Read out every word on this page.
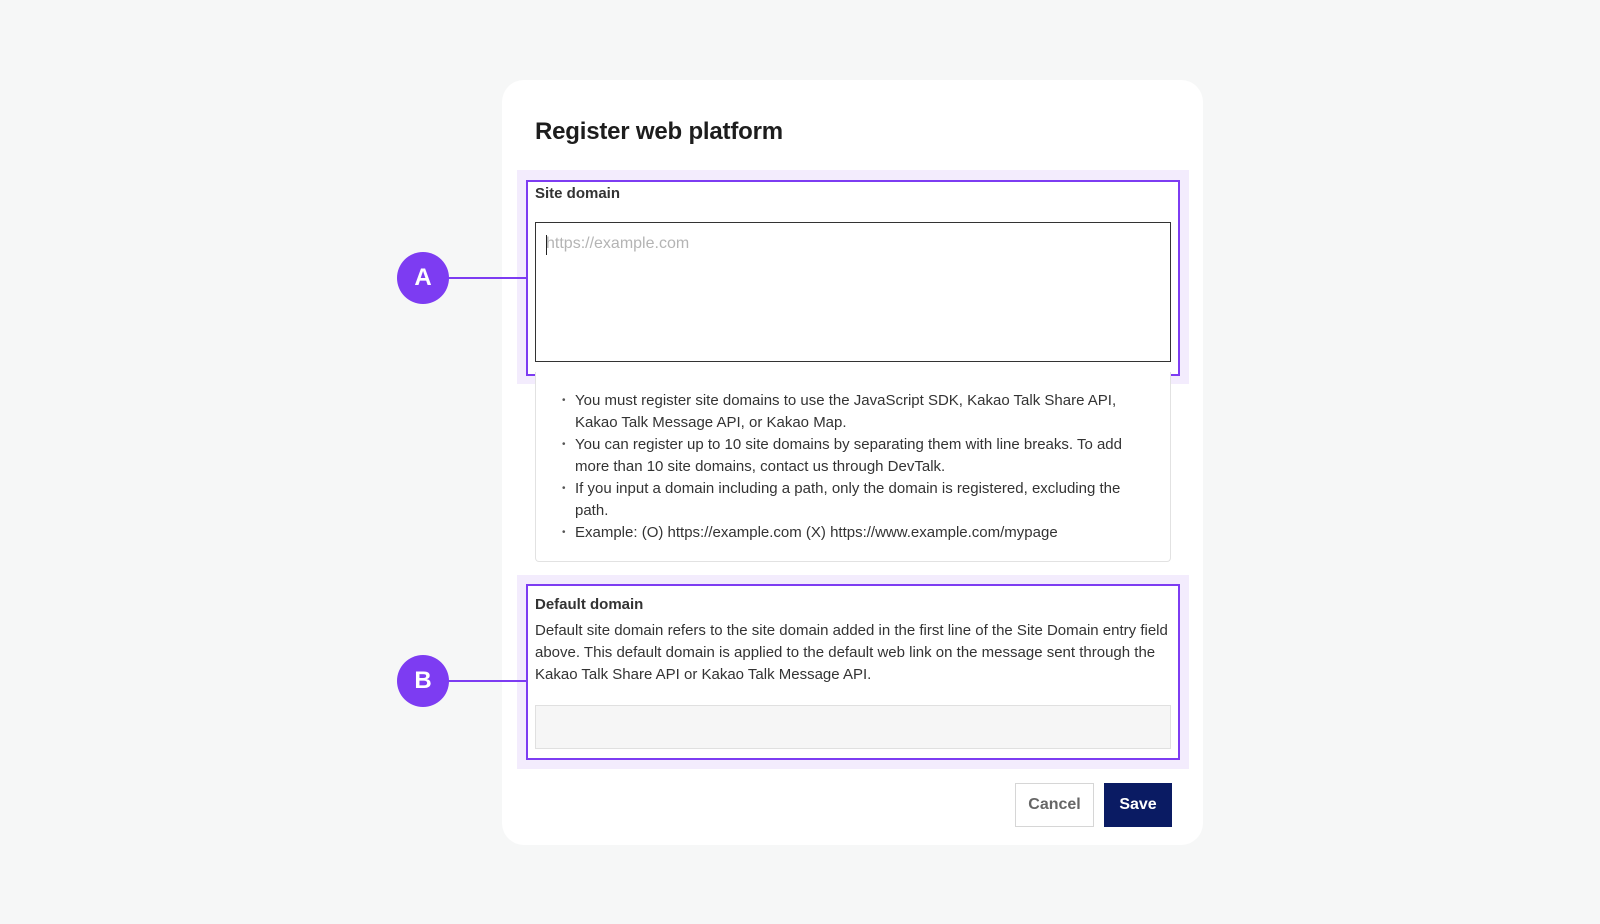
Register web platform
Site domain
https://example.com
• You must register site domains to use the JavaScript SDK, Kakao Talk Share API, Kakao Talk Message API, or Kakao Map.
• You can register up to 10 site domains by separating them with line breaks. To add more than 10 site domains, contact us through DevTalk.
• If you input a domain including a path, only the domain is registered, excluding the path.
• Example: (O) https://example.com (X) https://www.example.com/mypage
Default domain
Default site domain refers to the site domain added in the first line of the Site Domain entry field above. This default domain is applied to the default web link on the message sent through the Kakao Talk Share API or Kakao Talk Message API.
A
B
Cancel	Save
